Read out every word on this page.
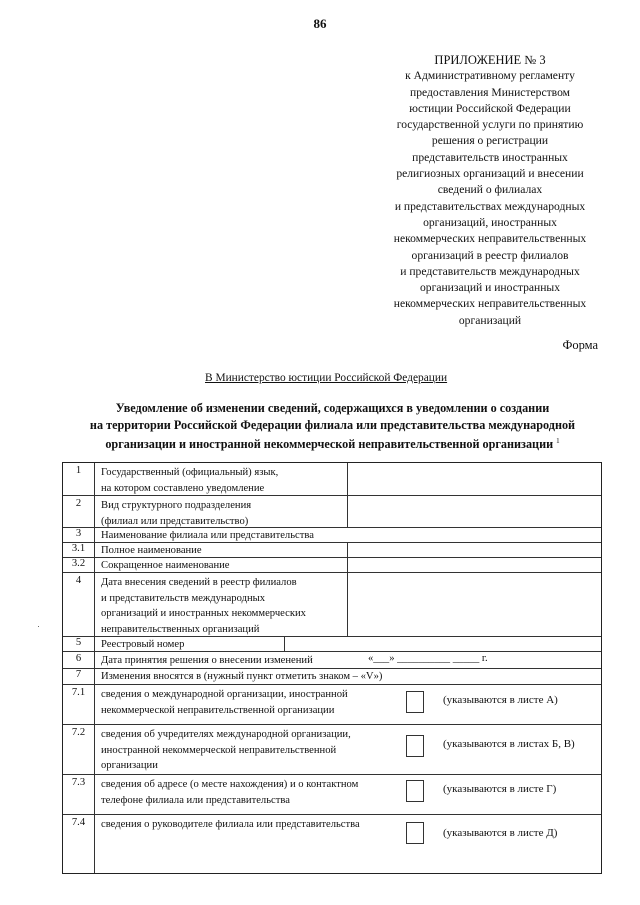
86
ПРИЛОЖЕНИЕ № 3
к Административному регламенту
предоставления Министерством
юстиции Российской Федерации
государственной услуги по принятию
решения о регистрации
представительств иностранных
религиозных организаций и внесении
сведений о филиалах
и представительствах международных
организаций, иностранных
некоммерческих неправительственных
организаций в реестр филиалов
и представительств международных
организаций и иностранных
некоммерческих неправительственных
организаций
Форма
В Министерство юстиции Российской Федерации
Уведомление об изменении сведений, содержащихся в уведомлении о создании
на территории Российской Федерации филиала или представительства международной
организации и иностранной некоммерческой неправительственной организации $^1$
1	Государственный (официальный) язык,
на котором составлено уведомление
2	Вид структурного подразделения
(филиал или представительство)
3	Наименование филиала или представительства
3.1	Полное наименование
3.2	Сокращенное наименование
4	Дата внесения сведений в реестр филиалов
и представительств международных
организаций и иностранных некоммерческих
неправительственных организаций
5	Реестровый номер
6	Дата принятия решения о внесении изменений	«___» __________ _____ г.
7	Изменения вносятся в (нужный пункт отметить знаком – «V»)
7.1	сведения о международной организации, иностранной
некоммерческой неправительственной организации
(указываются в листе А)
7.2	сведения об учредителях международной организации,
иностранной некоммерческой неправительственной
организации
(указываются в листах Б, В)
7.3	сведения об адресе (о месте нахождения) и о контактном
телефоне филиала или представительства
(указываются в листе Г)
7.4	сведения о руководителе филиала или представительства
(указываются в листе Д)
